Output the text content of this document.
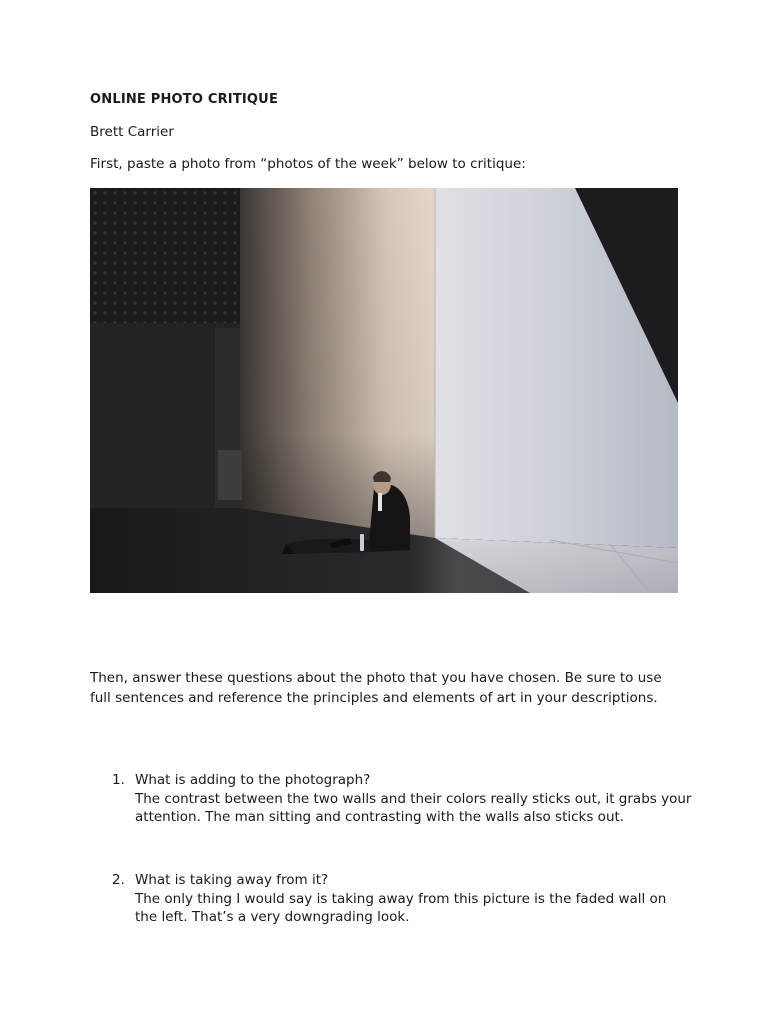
ONLINE PHOTO CRITIQUE
Brett Carrier
First, paste a photo from “photos of the week” below to critique:
Then, answer these questions about the photo that you have chosen. Be sure to use full sentences and reference the principles and elements of art in your descriptions.
1. What is adding to the photograph?
The contrast between the two walls and their colors really sticks out, it grabs your attention. The man sitting and contrasting with the walls also sticks out.
2. What is taking away from it?
The only thing I would say is taking away from this picture is the faded wall on the left. That’s a very downgrading look.
